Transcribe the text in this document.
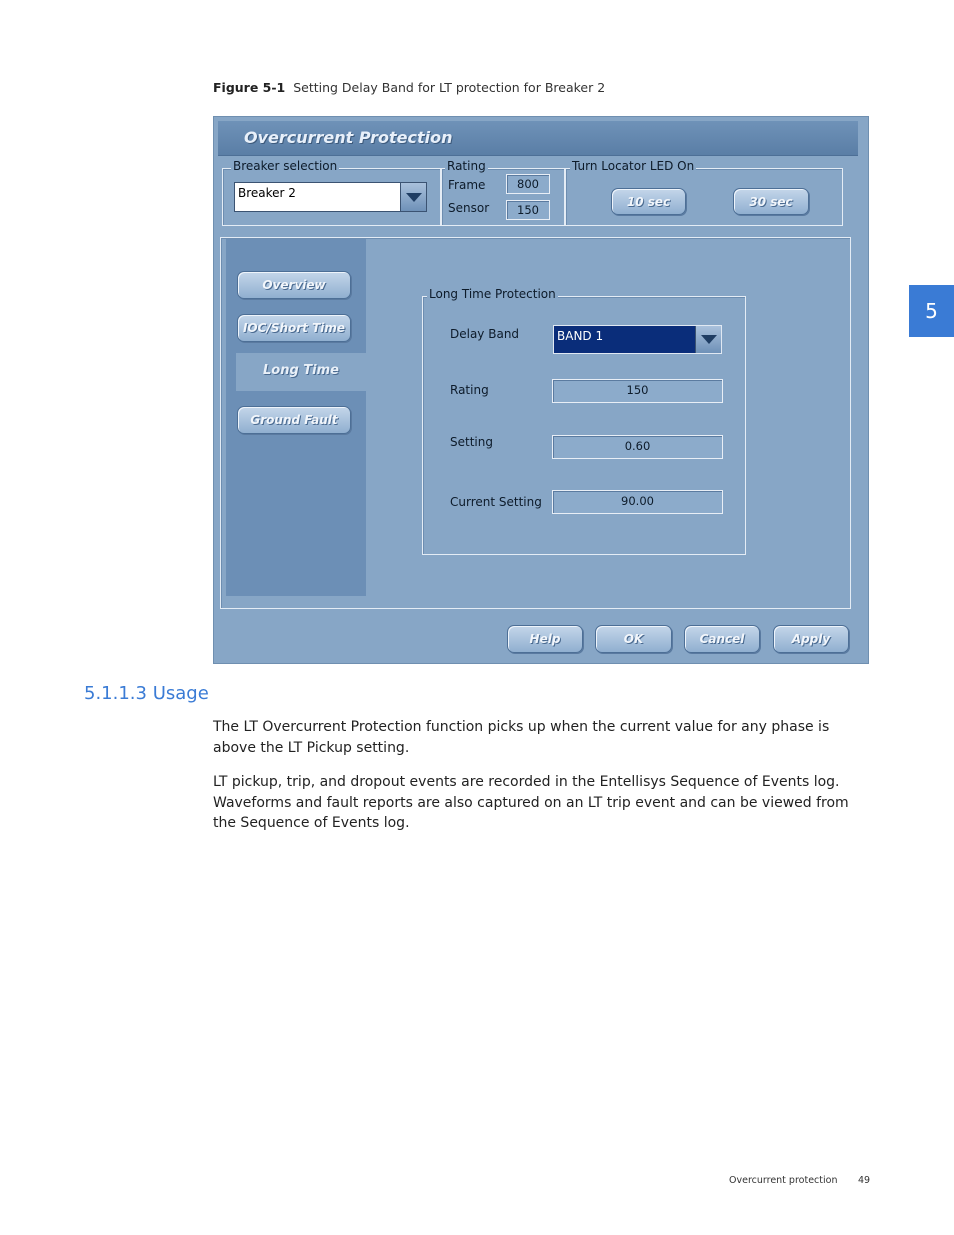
Figure 5-1 Setting Delay Band for LT protection for Breaker 2
5
Overcurrent Protection
Breaker selection
Breaker 2
Rating
Frame	800
Sensor	150
Turn Locator LED On
10 sec	30 sec
Overview
IOC/Short Time
Long Time
Ground Fault
Long Time Protection
Delay Band	BAND 1
Rating	150
Setting	0.60
Current Setting	90.00
Help	OK	Cancel	Apply
5.1.1.3 Usage
The LT Overcurrent Protection function picks up when the current value for any phase is above the LT Pickup setting.
LT pickup, trip, and dropout events are recorded in the Entellisys Sequence of Events log. Waveforms and fault reports are also captured on an LT trip event and can be viewed from the Sequence of Events log.
Overcurrent protection 49
